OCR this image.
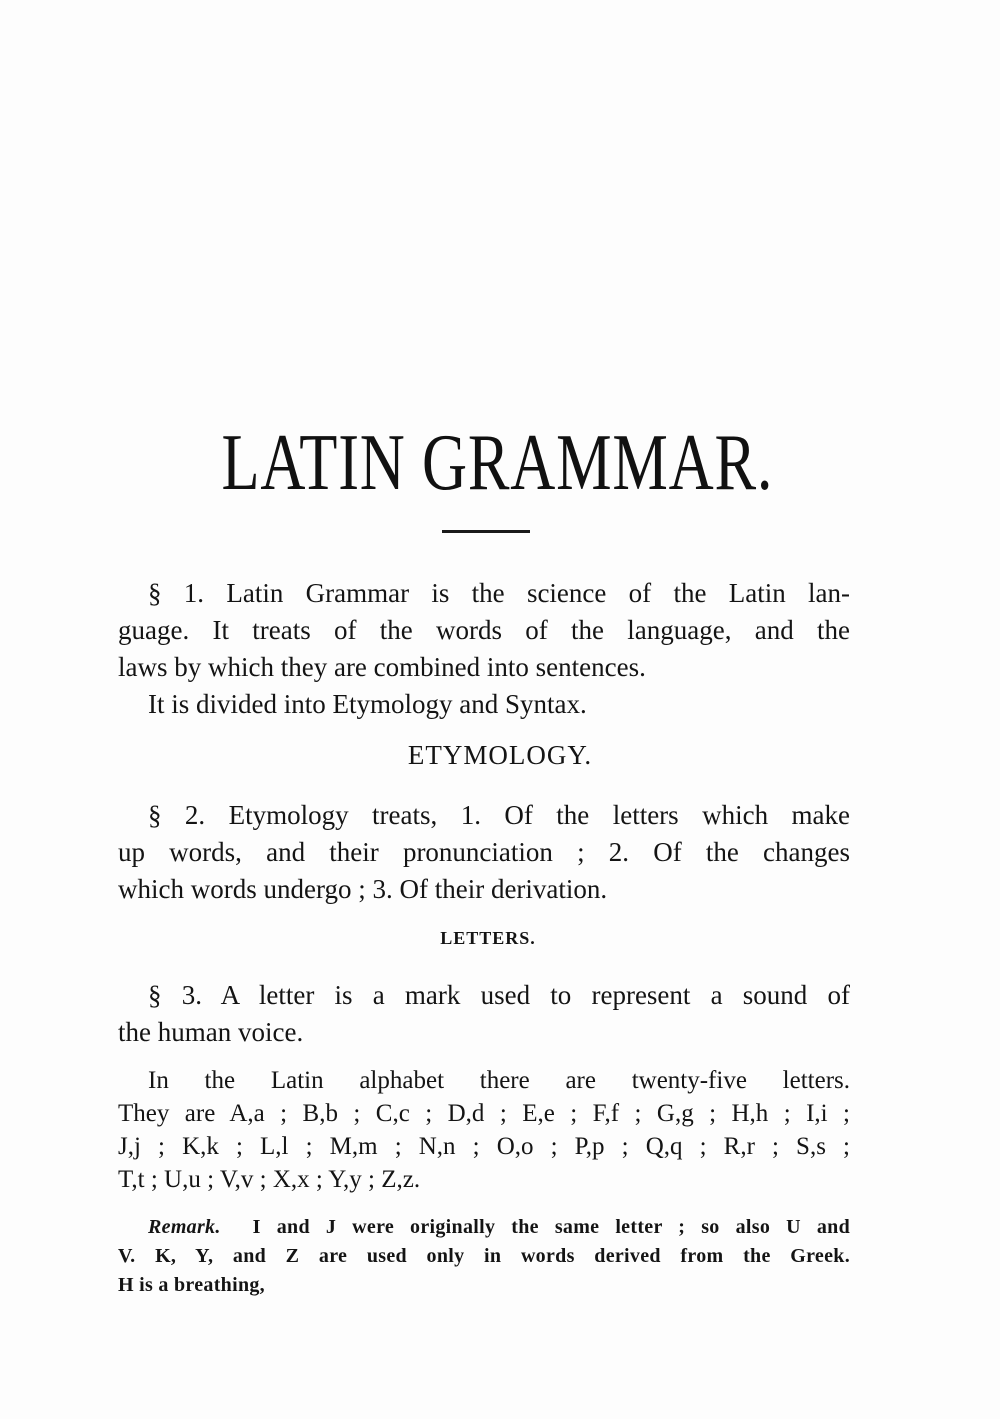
LATIN GRAMMAR.
§ 1. Latin Grammar is the science of the Latin lan-
guage. It treats of the words of the language, and the
laws by which they are combined into sentences.
It is divided into Etymology and Syntax.
ETYMOLOGY.
§ 2. Etymology treats, 1. Of the letters which make
up words, and their pronunciation ; 2. Of the changes
which words undergo ; 3. Of their derivation.
LETTERS.
§ 3. A letter is a mark used to represent a sound of
the human voice.
In the Latin alphabet there are twenty-five letters.
They are A,a ; B,b ; C,c ; D,d ; E,e ; F,f ; G,g ; H,h ; I,i ;
J,j ; K,k ; L,l ; M,m ; N,n ; O,o ; P,p ; Q,q ; R,r ; S,s ;
T,t ; U,u ; V,v ; X,x ; Y,y ; Z,z.
Remark. I and J were originally the same letter ; so also U and
V. K, Y, and Z are used only in words derived from the Greek.
H is a breathing,
